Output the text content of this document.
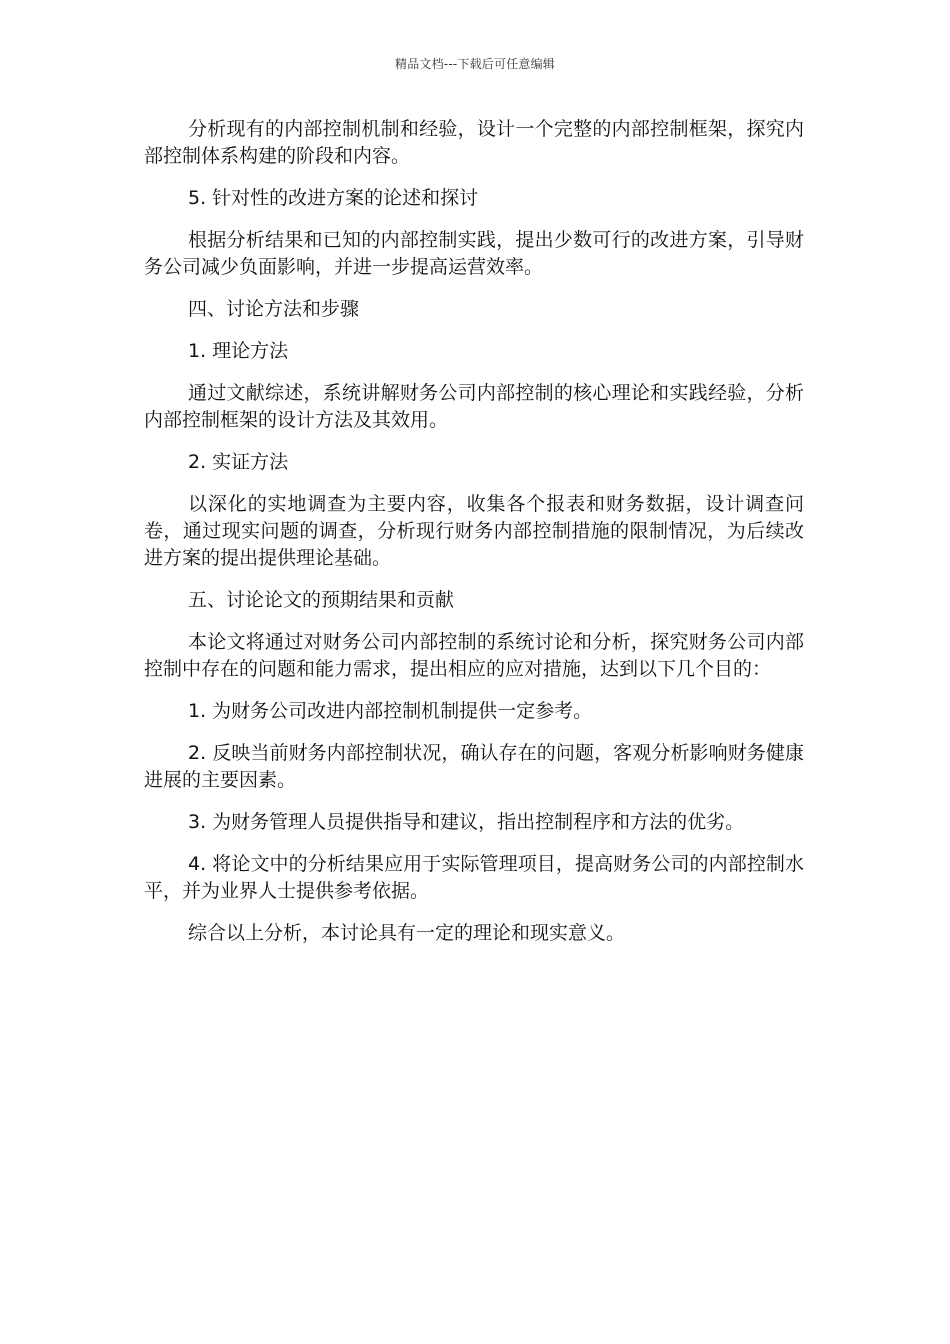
精品文档---下载后可任意编辑

分析现有的内部控制机制和经验，设计一个完整的内部控制框架，探究内部控制体系构建的阶段和内容。

5. 针对性的改进方案的论述和探讨

根据分析结果和已知的内部控制实践，提出少数可行的改进方案，引导财务公司减少负面影响，并进一步提高运营效率。

四、讨论方法和步骤

1. 理论方法

通过文献综述，系统讲解财务公司内部控制的核心理论和实践经验，分析内部控制框架的设计方法及其效用。

2. 实证方法

以深化的实地调查为主要内容，收集各个报表和财务数据，设计调查问卷，通过现实问题的调查，分析现行财务内部控制措施的限制情况，为后续改进方案的提出提供理论基础。

五、讨论论文的预期结果和贡献

本论文将通过对财务公司内部控制的系统讨论和分析，探究财务公司内部控制中存在的问题和能力需求，提出相应的应对措施，达到以下几个目的：

1. 为财务公司改进内部控制机制提供一定参考。

2. 反映当前财务内部控制状况，确认存在的问题，客观分析影响财务健康进展的主要因素。

3. 为财务管理人员提供指导和建议，指出控制程序和方法的优劣。

4. 将论文中的分析结果应用于实际管理项目，提高财务公司的内部控制水平，并为业界人士提供参考依据。

综合以上分析，本讨论具有一定的理论和现实意义。
